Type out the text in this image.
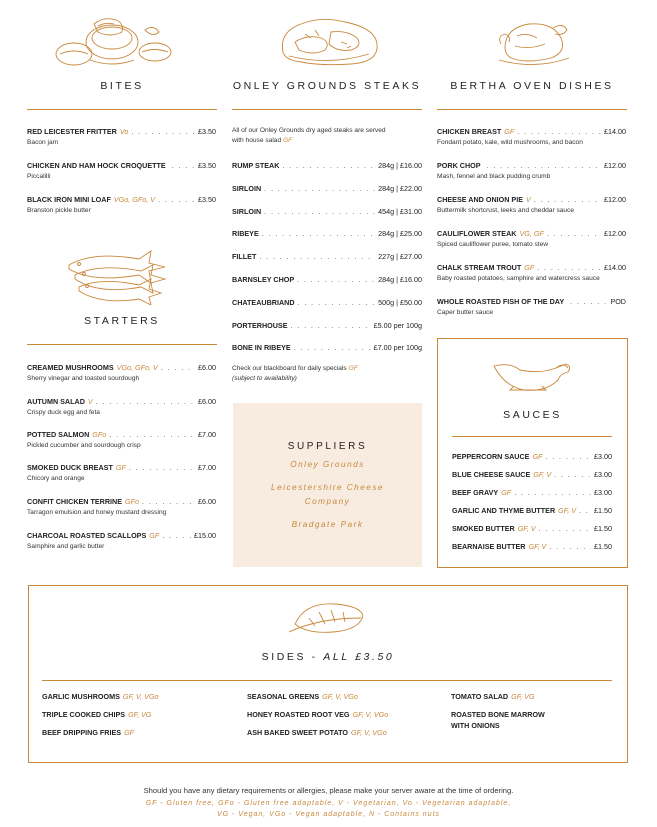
BITES
RED LEICESTER FRITTER Vo . . .	£3.50
Bacon jam
CHICKEN AND HAM HOCK CROQUETTE . . .	£3.50
Piccalilli
BLACK IRON MINI LOAF VGo, GFo, V . . .	£3.50
Branston pickle butter
STARTERS
CREAMED MUSHROOMS VGo, GFo, V . . .	£6.00
Sherry vinegar and toasted sourdough
AUTUMN SALAD V . . .	£6.00
Crispy duck egg and feta
POTTED SALMON GFo . . .	£7.00
Pickled cucumber and sourdough crisp
SMOKED DUCK BREAST GF . . .	£7.00
Chicory and orange
CONFIT CHICKEN TERRINE GFo . . .	£6.00
Tarragon emulsion and honey mustard dressing
CHARCOAL ROASTED SCALLOPS GF . . .	£15.00
Samphire and garlic butter
ONLEY GROUNDS STEAKS
All of our Onley Grounds dry aged steaks are served
with house salad GF
RUMP STEAK . . .	284g | £16.00
SIRLOIN . . .	284g | £22.00
SIRLOIN . . .	454g | £31.00
RIBEYE . . .	284g | £25.00
FILLET . . .	227g | £27.00
BARNSLEY CHOP . . .	284g | £16.00
CHATEAUBRIAND . . .	500g | £50.00
PORTERHOUSE . . .	£5.00 per 100g
BONE IN RIBEYE . . .	£7.00 per 100g
Check our blackboard for daily specials GF
(subject to availability)
SUPPLIERS
Onley Grounds
Leicestershire Cheese
Company
Bradgate Park
BERTHA OVEN DISHES
CHICKEN BREAST GF . . .	£14.00
Fondant potato, kale, wild mushrooms, and bacon
PORK CHOP . . .	£12.00
Mash, fennel and black pudding crumb
CHEESE AND ONION PIE V . . .	£12.00
Buttermilk shortcrust, leeks and cheddar sauce
CAULIFLOWER STEAK VG, GF . . .	£12.00
Spiced cauliflower puree, tomato stew
CHALK STREAM TROUT GF . . .	£14.00
Baby roasted potatoes, samphire and watercress sauce
WHOLE ROASTED FISH OF THE DAY . . .	POD
Caper butter sauce
SAUCES
PEPPERCORN SAUCE GF . . .	£3.00
BLUE CHEESE SAUCE GF, V . . .	£3.00
BEEF GRAVY GF . . .	£3.00
GARLIC AND THYME BUTTER GF, V . . .	£1.50
SMOKED BUTTER GF, V . . .	£1.50
BEARNAISE BUTTER GF, V . . .	£1.50
SIDES - ALL £3.50
GARLIC MUSHROOMS GF, V, VGo
TRIPLE COOKED CHIPS GF, VG
BEEF DRIPPING FRIES GF
SEASONAL GREENS GF, V, VGo
HONEY ROASTED ROOT VEG GF, V, VGo
ASH BAKED SWEET POTATO GF, V, VGo
TOMATO SALAD GF, VG
ROASTED BONE MARROW
WITH ONIONS
Should you have any dietary requirements or allergies, please make your server aware at the time of ordering.
GF - Gluten free, GFo - Gluten free adaptable, V - Vegetarian, Vo - Vegetarian adaptable,
VG - Vegan, VGo - Vegan adaptable, N - Contains nuts
